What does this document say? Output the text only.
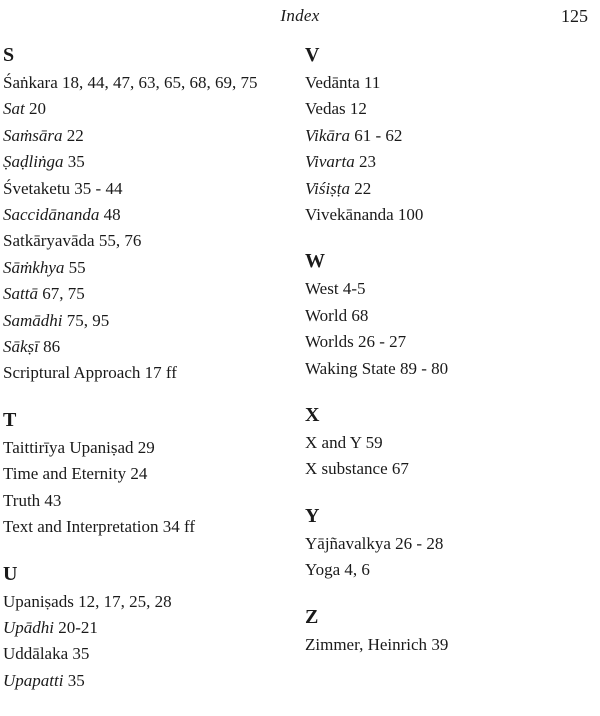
Index	125
S
Śaṅkara 18, 44, 47, 63, 65, 68, 69, 75
Sat 20
Saṁsāra 22
Ṣaḍliṅga 35
Śvetaketu 35 - 44
Saccidānanda 48
Satkāryavāda 55, 76
Sāṁkhya 55
Sattā 67, 75
Samādhi 75, 95
Sākṣī 86
Scriptural Approach 17 ff
T
Taittirīya Upaniṣad 29
Time and Eternity 24
Truth 43
Text and Interpretation 34 ff
U
Upaniṣads 12, 17, 25, 28
Upādhi 20-21
Uddālaka 35
Upapatti 35
V
Vedānta 11
Vedas 12
Vikāra 61 - 62
Vivarta 23
Viśiṣṭa 22
Vivekānanda 100
W
West 4-5
World 68
Worlds 26 - 27
Waking State 89 - 80
X
X and Y 59
X substance 67
Y
Yājñavalkya 26 - 28
Yoga 4, 6
Z
Zimmer, Heinrich 39
